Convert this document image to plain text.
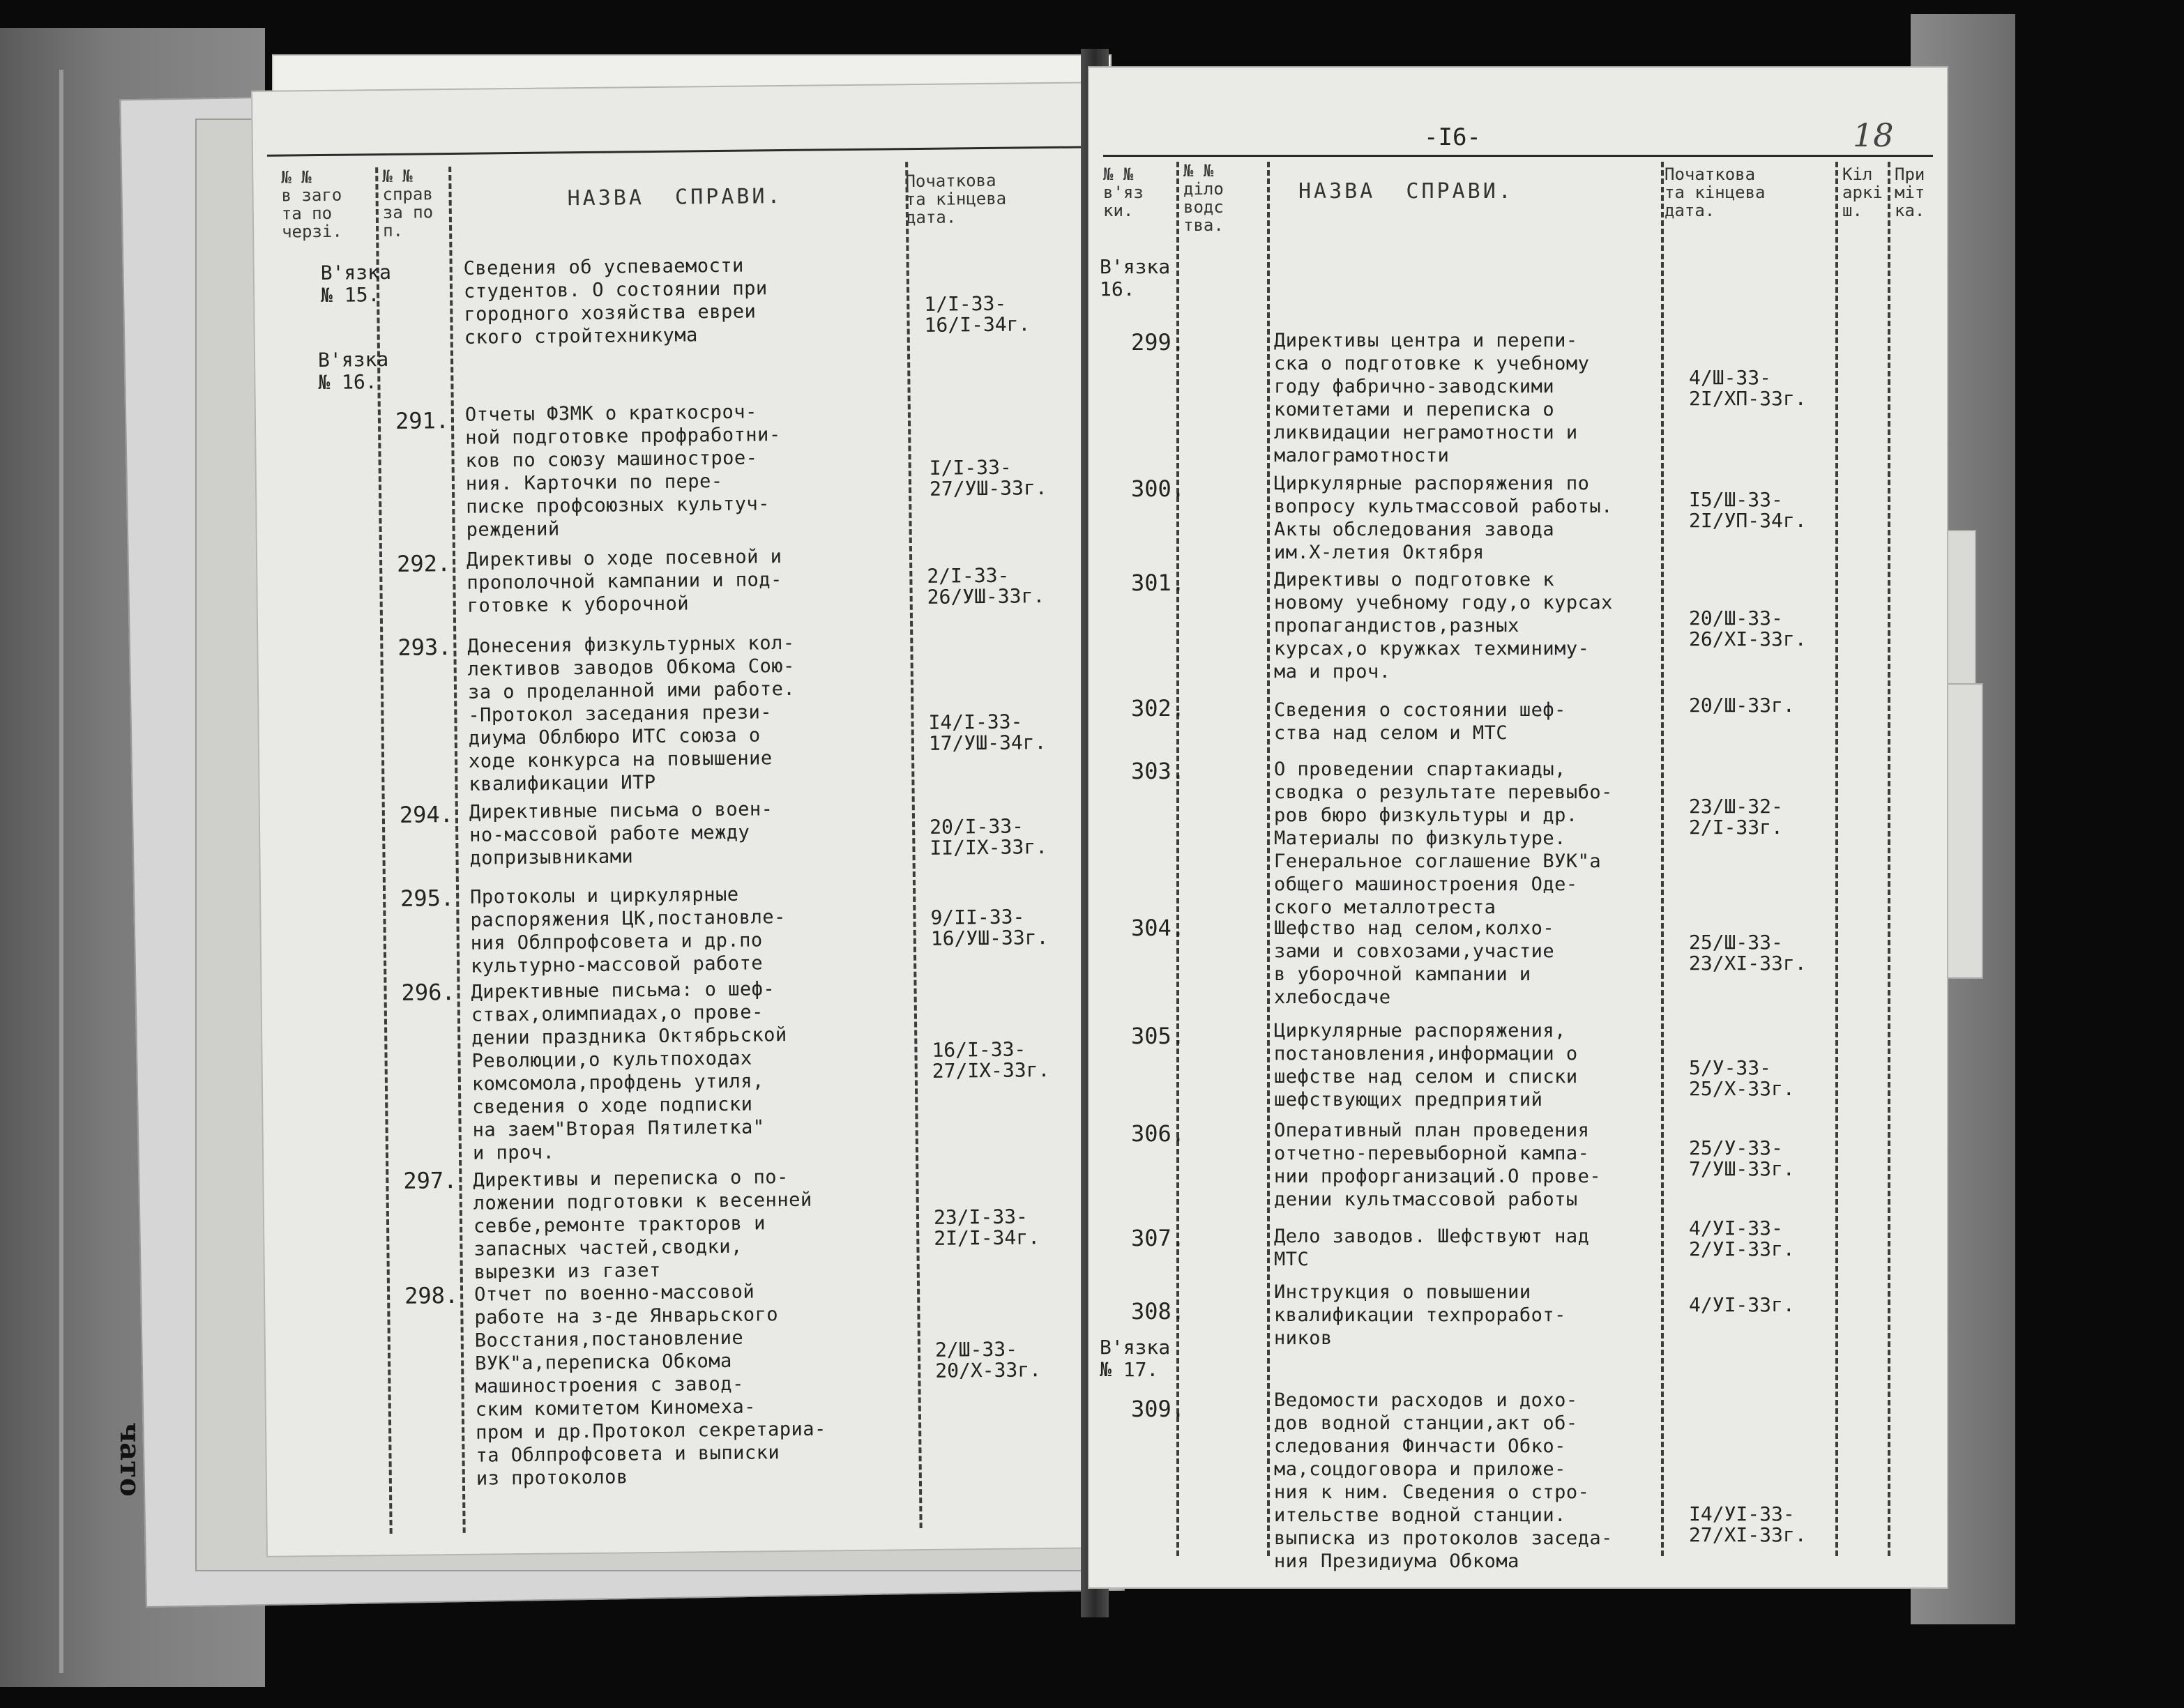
чато
№ №
в заго
та по
черзі.
№ №
справ
за по
п.
НАЗВА  СПРАВИ.
Початкова
та кінцева
дата.
В'язка
№ 15.
В'язка
№ 16.
Сведения об успеваемости
студентов. О состоянии при
городного хозяйства евреи
ского стройтехникума
1/I-33-
16/I-34г.
291. Отчеты ФЗМК о краткосроч-
ной подготовке профработни-
ков по союзу машиностроe-
ния. Карточки по пере-
писке профсоюзных культуч-
реждений
I/I-33-
27/УШ-33г.
292. Директивы о ходе посевной и
прополочной кампании и под-
готовке к уборочной
2/I-33-
26/УШ-33г.
293. Донесения физкультурных кол-
лективов заводов Обкома Сою-
за о проделанной ими работе.
-Протокол заседания прези-
диума Облбюро ИТС союза о
ходе конкурса на повышение
квалификации ИТР
I4/I-33-
17/УШ-34г.
294. Директивные письма о воен-
но-массовой работе между
допризывниками
20/I-33-
II/IX-33г.
295. Протоколы и циркулярные
распоряжения ЦК,постановле-
ния Облпрофсовета и др.по
культурно-массовой работе
9/II-33-
16/УШ-33г.
296. Директивные письма: о шеф-
ствах,олимпиадах,о прове-
дении праздника Октябрьской
Революции,о культпоходах
комсомола,профдень утиля,
сведения о ходе подписки
на заем"Вторая Пятилетка"
и проч.
16/I-33-
27/IX-33г.
297. Директивы и переписка о по-
ложении подготовки к весенней
севбе,ремонте тракторов и
запасных частей,сводки,
вырезки из газет
23/I-33-
2I/I-34г.
298. Отчет по военно-массовой
работе на з-де Январьского
Восстания,постановление
ВУК"а,переписка Обкома
машиностроения с завод-
ским комитетом Киномеха-
пром и др.Протокол секретариа-
та Облпрофсовета и выписки
из протоколов
2/Ш-33-
20/X-33г.
-I6-	18
№ №
в'яз
ки.
№ №
діло
водс
тва.
НАЗВА  СПРАВИ.
Початкова
та кінцева
дата.
Кіл
аркі
ш.
При
міт
ка.
В'язка
16.
В'язка
№ 17.
299.	Директивы центра и перепи-
ска о подготовке к учебному
году фабрично-заводскими
комитетами и переписка о
ликвидации неграмотности и
малограмотности
4/Ш-33-
2I/XП-33г.
300.	Циркулярные распоряжения по
вопросу культмассовой работы.
Акты обследования завода
им.X-летия Октября
I5/Ш-33-
2I/УП-34г.
301.	Директивы о подготовке к
новому учебному году,о курсах
пропагандистов,разных
курсах,о кружках техминиму-
ма и проч.
20/Ш-33-
26/XI-33г.
302.	Сведения о состоянии шеф-
ства над селом и МТС
20/Ш-33г.
303.	О проведении спартакиады,
сводка о результате перевыбо-
ров бюро физкультуры и др.
Материалы по физкультуре.
Генеральное соглашение ВУК"а
общего машиностроения Оде-
ского металлотреста
23/Ш-32-
2/I-33г.
304.	Шефство над селом,колхо-
зами и совхозами,участие
в уборочной кампании и
хлебосдаче
25/Ш-33-
23/XI-33г.
305.	Циркулярные распоряжения,
постановления,информации о
шефстве над селом и списки
шефствующих предприятий
5/У-33-
25/X-33г.
306.	Оперативный план проведения
отчетно-перевыборной кампа-
нии профорганизаций.О прове-
дении культмассовой работы
25/У-33-
7/УШ-33г.
307.	Дело заводов. Шефствуют над
МТС
4/УI-33-
2/УI-33г.
308.
Инструкция о повышении
квалификации техпроработ-
ников
4/УI-33г.
309.	Ведомости расходов и дохо-
дов водной станции,акт об-
следования Финчасти Обко-
ма,соцдоговора и приложе-
ния к ним. Сведения о стро-
ительстве водной станции.
выписка из протоколов заседа-
ния Президиума Обкома
I4/УI-33-
27/XI-33г.
